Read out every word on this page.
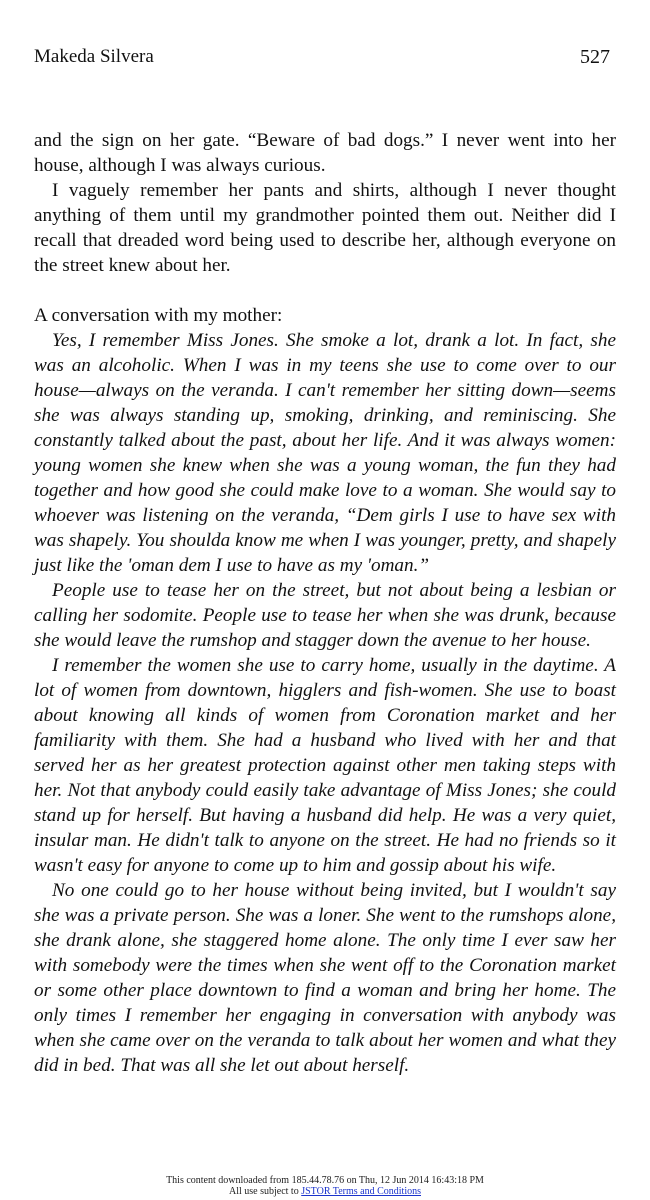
Makeda Silvera	527

and the sign on her gate. “Beware of bad dogs.” I never went into her house, although I was always curious.

I vaguely remember her pants and shirts, although I never thought anything of them until my grandmother pointed them out. Neither did I recall that dreaded word being used to describe her, although everyone on the street knew about her.

A conversation with my mother:

Yes, I remember Miss Jones. She smoke a lot, drank a lot. In fact, she was an alcoholic. When I was in my teens she use to come over to our house—always on the veranda. I can't remember her sitting down—seems she was always standing up, smoking, drinking, and reminiscing. She constantly talked about the past, about her life. And it was always women: young women she knew when she was a young woman, the fun they had together and how good she could make love to a woman. She would say to whoever was listening on the veranda, “Dem girls I use to have sex with was shapely. You shoulda know me when I was younger, pretty, and shapely just like the 'oman dem I use to have as my 'oman.”

People use to tease her on the street, but not about being a lesbian or calling her sodomite. People use to tease her when she was drunk, because she would leave the rumshop and stagger down the avenue to her house.

I remember the women she use to carry home, usually in the daytime. A lot of women from downtown, higglers and fish-women. She use to boast about knowing all kinds of women from Coronation market and her familiarity with them. She had a husband who lived with her and that served her as her greatest protection against other men taking steps with her. Not that anybody could easily take advantage of Miss Jones; she could stand up for herself. But having a husband did help. He was a very quiet, insular man. He didn't talk to anyone on the street. He had no friends so it wasn't easy for anyone to come up to him and gossip about his wife.

No one could go to her house without being invited, but I wouldn't say she was a private person. She was a loner. She went to the rumshops alone, she drank alone, she staggered home alone. The only time I ever saw her with somebody were the times when she went off to the Coronation market or some other place downtown to find a woman and bring her home. The only times I remember her engaging in conversation with anybody was when she came over on the veranda to talk about her women and what they did in bed. That was all she let out about herself.

This content downloaded from 185.44.78.76 on Thu, 12 Jun 2014 16:43:18 PM
All use subject to JSTOR Terms and Conditions
